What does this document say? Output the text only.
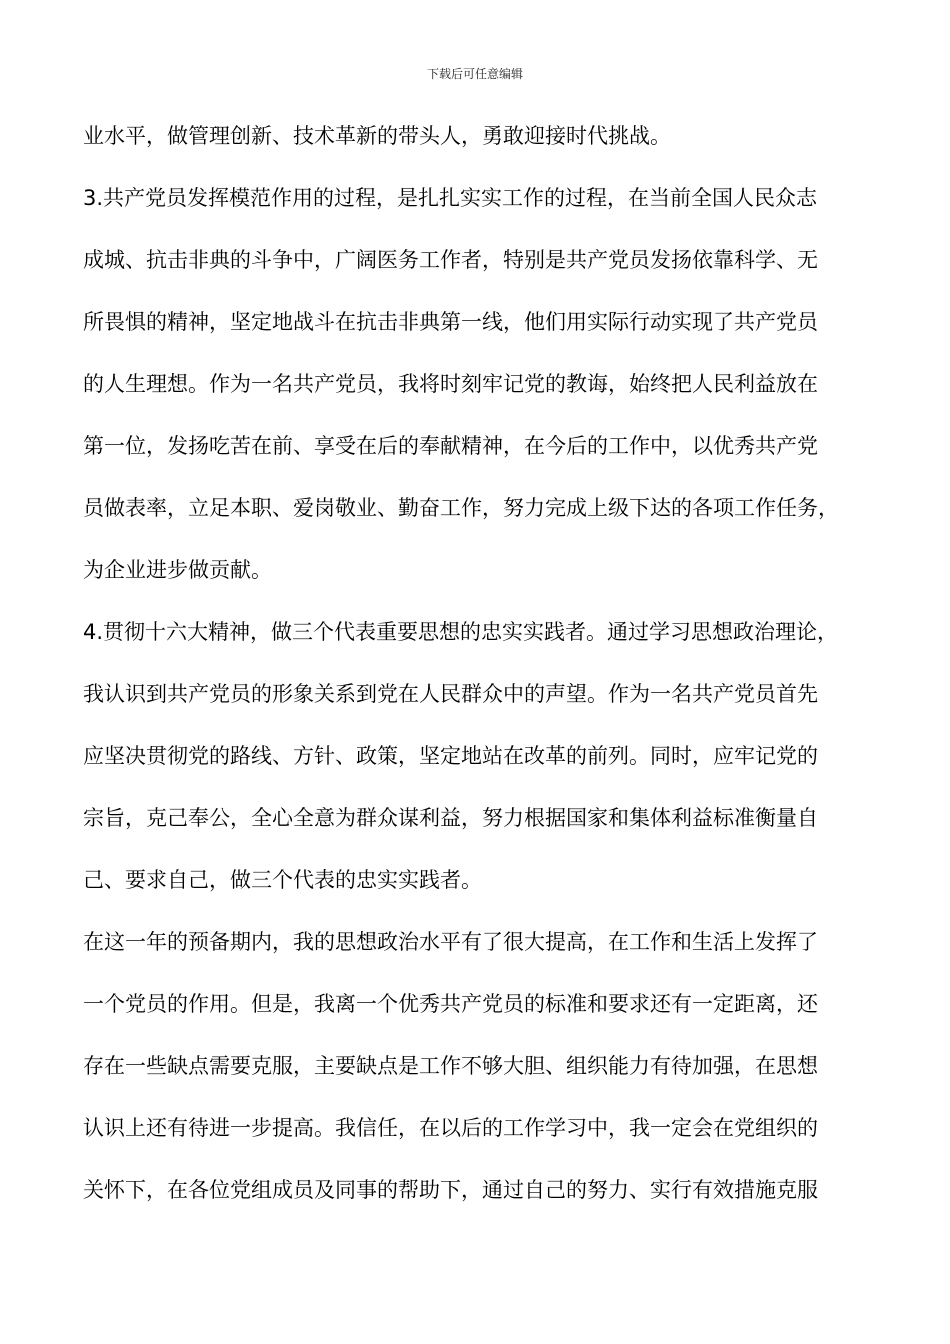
下载后可任意编辑
业水平，做管理创新、技术革新的带头人，勇敢迎接时代挑战。
3.共产党员发挥模范作用的过程，是扎扎实实工作的过程，在当前全国人民众志
成城、抗击非典的斗争中，广阔医务工作者，特别是共产党员发扬依靠科学、无
所畏惧的精神，坚定地战斗在抗击非典第一线，他们用实际行动实现了共产党员
的人生理想。作为一名共产党员，我将时刻牢记党的教诲，始终把人民利益放在
第一位，发扬吃苦在前、享受在后的奉献精神，在今后的工作中，以优秀共产党
员做表率，立足本职、爱岗敬业、勤奋工作，努力完成上级下达的各项工作任务，
为企业进步做贡献。
4.贯彻十六大精神，做三个代表重要思想的忠实实践者。通过学习思想政治理论，
我认识到共产党员的形象关系到党在人民群众中的声望。作为一名共产党员首先
应坚决贯彻党的路线、方针、政策，坚定地站在改革的前列。同时，应牢记党的
宗旨，克己奉公，全心全意为群众谋利益，努力根据国家和集体利益标准衡量自
己、要求自己，做三个代表的忠实实践者。
在这一年的预备期内，我的思想政治水平有了很大提高，在工作和生活上发挥了
一个党员的作用。但是，我离一个优秀共产党员的标准和要求还有一定距离，还
存在一些缺点需要克服，主要缺点是工作不够大胆、组织能力有待加强，在思想
认识上还有待进一步提高。我信任，在以后的工作学习中，我一定会在党组织的
关怀下，在各位党组成员及同事的帮助下，通过自己的努力、实行有效措施克服
